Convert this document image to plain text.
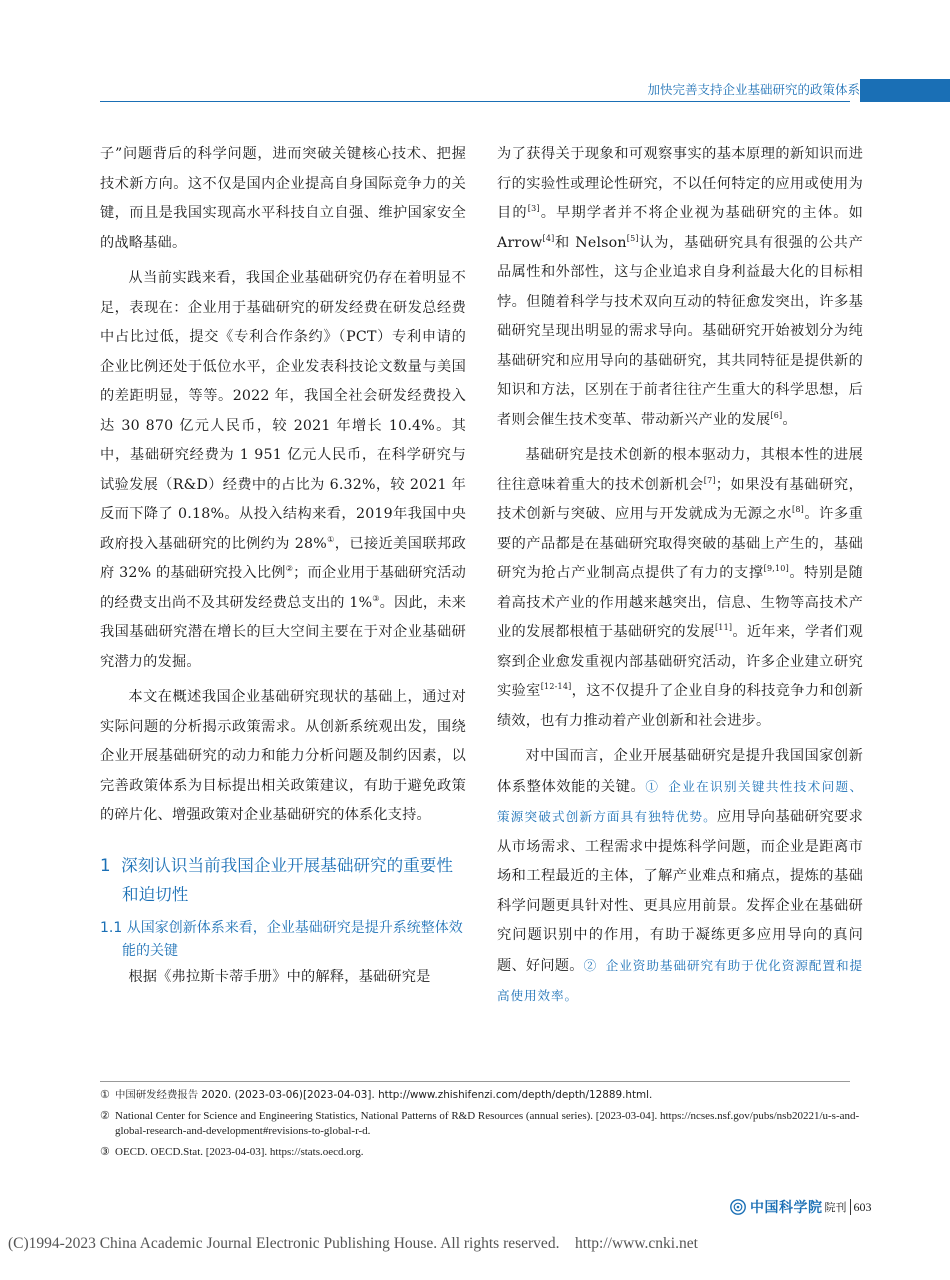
加快完善支持企业基础研究的政策体系

子”问题背后的科学问题，进而突破关键核心技术、把握技术新方向。这不仅是国内企业提高自身国际竞争力的关键，而且是我国实现高水平科技自立自强、维护国家安全的战略基础。

从当前实践来看，我国企业基础研究仍存在着明显不足，表现在：企业用于基础研究的研发经费在研发总经费中占比过低，提交《专利合作条约》（PCT）专利申请的企业比例还处于低位水平，企业发表科技论文数量与美国的差距明显，等等。2022 年，我国全社会研发经费投入达 30 870 亿元人民币，较 2021 年增长 10.4%。其中，基础研究经费为 1 951 亿元人民币，在科学研究与试验发展（R&D）经费中的占比为 6.32%，较 2021 年反而下降了 0.18%。从投入结构来看，2019年我国中央政府投入基础研究的比例约为 28%①，已接近美国联邦政府 32% 的基础研究投入比例②；而企业用于基础研究活动的经费支出尚不及其研发经费总支出的 1%③。因此，未来我国基础研究潜在增长的巨大空间主要在于对企业基础研究潜力的发掘。

本文在概述我国企业基础研究现状的基础上，通过对实际问题的分析揭示政策需求。从创新系统观出发，围绕企业开展基础研究的动力和能力分析问题及制约因素，以完善政策体系为目标提出相关政策建议，有助于避免政策的碎片化、增强政策对企业基础研究的体系化支持。

1 深刻认识当前我国企业开展基础研究的重要性和迫切性
1.1 从国家创新体系来看，企业基础研究是提升系统整体效能的关键

根据《弗拉斯卡蒂手册》中的解释，基础研究是

为了获得关于现象和可观察事实的基本原理的新知识而进行的实验性或理论性研究，不以任何特定的应用或使用为目的[3]。早期学者并不将企业视为基础研究的主体。如 Arrow[4]和 Nelson[5]认为，基础研究具有很强的公共产品属性和外部性，这与企业追求自身利益最大化的目标相悖。但随着科学与技术双向互动的特征愈发突出，许多基础研究呈现出明显的需求导向。基础研究开始被划分为纯基础研究和应用导向的基础研究，其共同特征是提供新的知识和方法，区别在于前者往往产生重大的科学思想，后者则会催生技术变革、带动新兴产业的发展[6]。

基础研究是技术创新的根本驱动力，其根本性的进展往往意味着重大的技术创新机会[7]；如果没有基础研究，技术创新与突破、应用与开发就成为无源之水[8]。许多重要的产品都是在基础研究取得突破的基础上产生的，基础研究为抢占产业制高点提供了有力的支撑[9,10]。特别是随着高技术产业的作用越来越突出，信息、生物等高技术产业的发展都根植于基础研究的发展[11]。近年来，学者们观察到企业愈发重视内部基础研究活动，许多企业建立研究实验室[12-14]，这不仅提升了企业自身的科技竞争力和创新绩效，也有力推动着产业创新和社会进步。

对中国而言，企业开展基础研究是提升我国国家创新体系整体效能的关键。① 企业在识别关键共性技术问题、策源突破式创新方面具有独特优势。应用导向基础研究要求从市场需求、工程需求中提炼科学问题，而企业是距离市场和工程最近的主体，了解产业难点和痛点，提炼的基础科学问题更具针对性、更具应用前景。发挥企业在基础研究问题识别中的作用，有助于凝练更多应用导向的真问题、好问题。② 企业资助基础研究有助于优化资源配置和提高使用效率。

① 中国研发经费报告 2020. (2023-03-06)[2023-04-03]. http://www.zhishifenzi.com/depth/depth/12889.html.
② National Center for Science and Engineering Statistics, National Patterns of R&D Resources (annual series). [2023-03-04]. https://ncses.nsf.gov/pubs/nsb20221/u-s-and-global-research-and-development#revisions-to-global-r-d.
③ OECD. OECD.Stat. [2023-04-03]. https://stats.oecd.org.
中国科学院 院刊 603
(C)1994-2023 China Academic Journal Electronic Publishing House. All rights reserved.    http://www.cnki.net
